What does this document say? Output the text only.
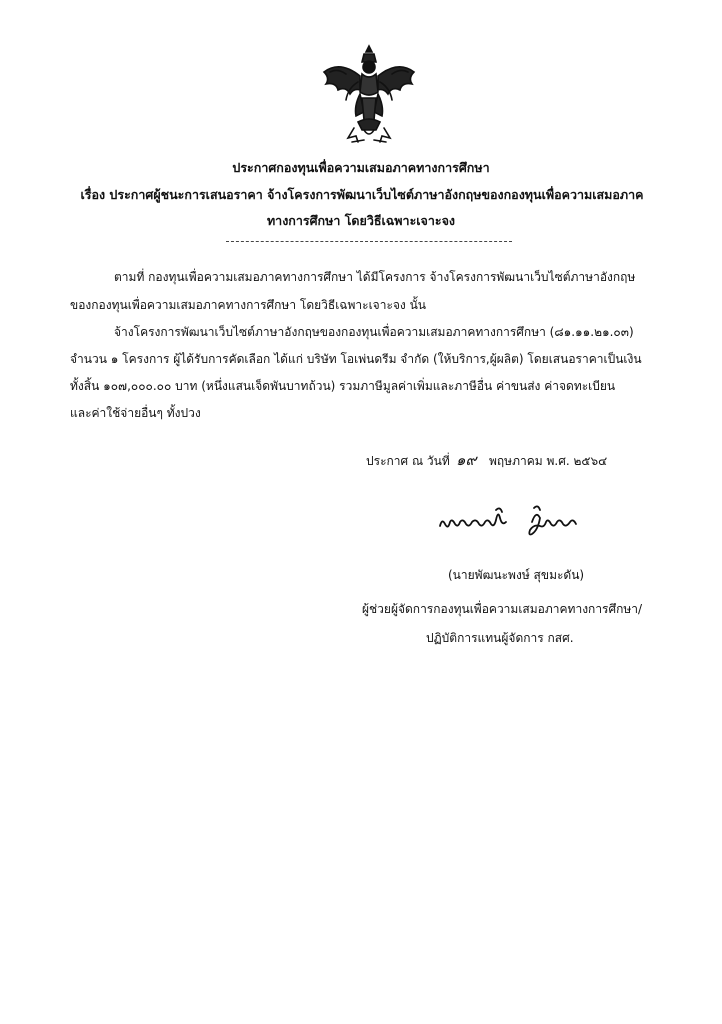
ประกาศกองทุนเพื่อความเสมอภาคทางการศึกษา
เรื่อง ประกาศผู้ชนะการเสนอราคา จ้างโครงการพัฒนาเว็บไซต์ภาษาอังกฤษของกองทุนเพื่อความเสมอภาค
ทางการศึกษา โดยวิธีเฉพาะเจาะจง
ตามที่ กองทุนเพื่อความเสมอภาคทางการศึกษา ได้มีโครงการ จ้างโครงการพัฒนาเว็บไซต์ภาษาอังกฤษ
ของกองทุนเพื่อความเสมอภาคทางการศึกษา โดยวิธีเฉพาะเจาะจง นั้น
จ้างโครงการพัฒนาเว็บไซต์ภาษาอังกฤษของกองทุนเพื่อความเสมอภาคทางการศึกษา (๘๑.๑๑.๒๑.๐๓)
จำนวน ๑ โครงการ ผู้ได้รับการคัดเลือก ได้แก่ บริษัท โอเพ่นดรีม จำกัด (ให้บริการ,ผู้ผลิต) โดยเสนอราคาเป็นเงิน
ทั้งสิ้น ๑๐๗,๐๐๐.๐๐ บาท (หนึ่งแสนเจ็ดพันบาทถ้วน) รวมภาษีมูลค่าเพิ่มและภาษีอื่น ค่าขนส่ง ค่าจดทะเบียน
และค่าใช้จ่ายอื่นๆ ทั้งปวง
ประกาศ ณ วันที่ ๑๙ พฤษภาคม พ.ศ. ๒๕๖๔
(นายพัฒนะพงษ์ สุขมะดัน)
ผู้ช่วยผู้จัดการกองทุนเพื่อความเสมอภาคทางการศึกษา/
ปฏิบัติการแทนผู้จัดการ กสศ.
